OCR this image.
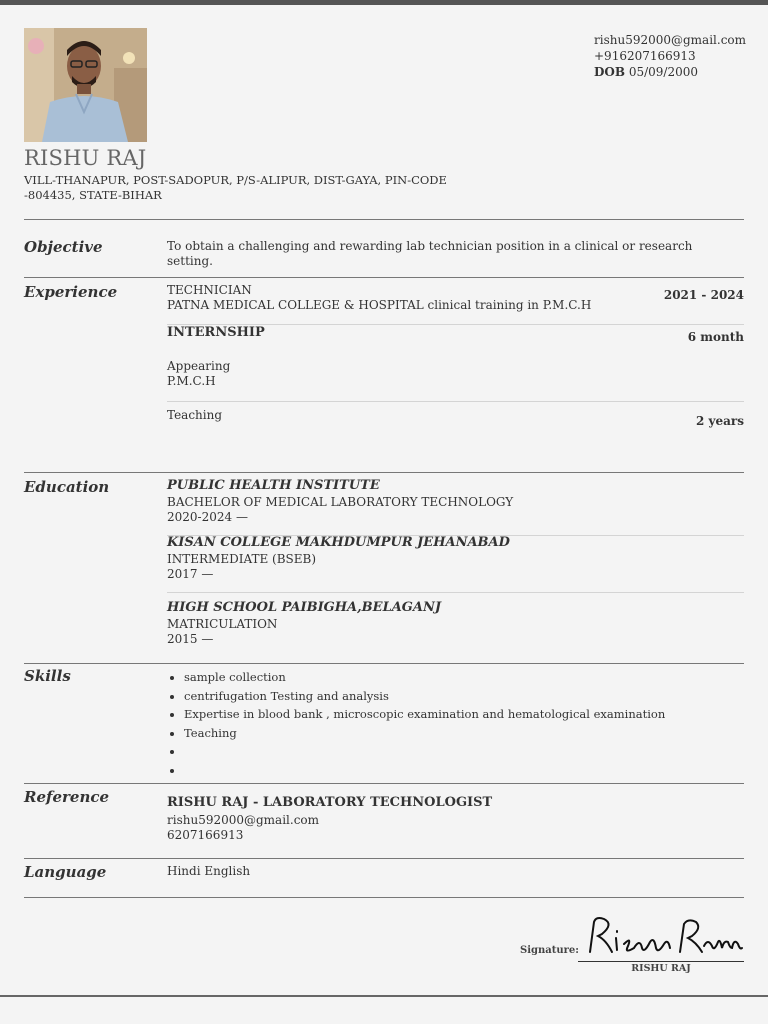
RISHU RAJ
VILL-THANAPUR, POST-SADOPUR, P/S-ALIPUR, DIST-GAYA, PIN-CODE -804435, STATE-BIHAR
rishu592000@gmail.com
+916207166913
DOB 05/09/2000
Objective	To obtain a challenging and rewarding lab technician position in a clinical or research setting.
Experience	TECHNICIAN
PATNA MEDICAL COLLEGE & HOSPITAL clinical training in P.M.C.H
2021 - 2024
INTERNSHIP	6 month
Appearing
P.M.C.H
Teaching	2 years
Education	PUBLIC HEALTH INSTITUTE
BACHELOR OF MEDICAL LABORATORY TECHNOLOGY
2020-2024 —
KISAN COLLEGE MAKHDUMPUR JEHANABAD
INTERMEDIATE (BSEB)
2017 —
HIGH SCHOOL PAIBIGHA,BELAGANJ
MATRICULATION
2015 —
Skills
•	sample collection
• centrifugation Testing and analysis
• Expertise in blood bank , microscopic examination and hematological examination
• Teaching
•
•
Reference	RISHU RAJ - LABORATORY TECHNOLOGIST
rishu592000@gmail.com
6207166913
Language	Hindi English
Signature:
RISHU RAJ
